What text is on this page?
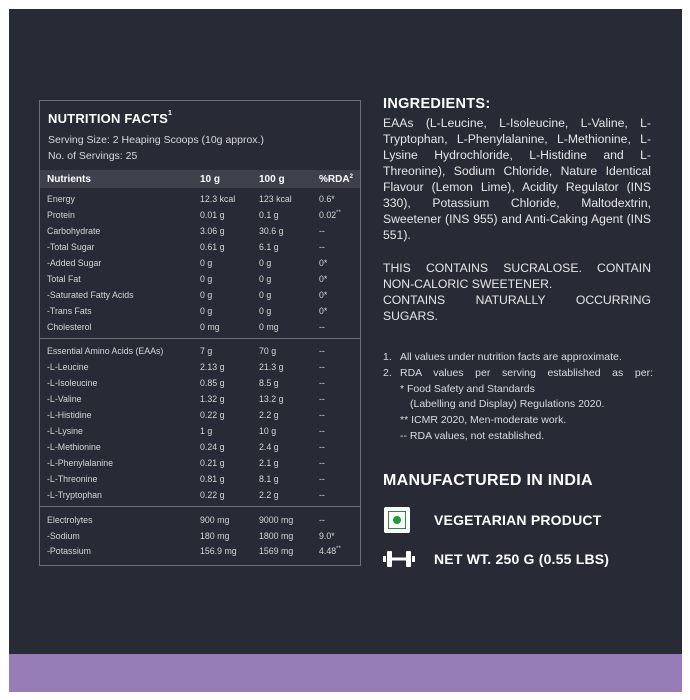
NUTRITION FACTS$^1$
Serving Size: 2 Heaping Scoops (10g approx.)
No. of Servings: 25
Nutrients	10 g	100 g	%RDA$^2$
Energy	12.3 kcal	123 kcal	0.6*
Protein	0.01 g	0.1 g	0.02**
Carbohydrate	3.06 g	30.6 g	--
-Total Sugar	0.61 g	6.1 g	--
-Added Sugar	0 g	0 g	0*
Total Fat	0 g	0 g	0*
-Saturated Fatty Acids	0 g	0 g	0*
-Trans Fats	0 g	0 g	0*
Cholesterol	0 mg	0 mg	--
Essential Amino Acids (EAAs)	7 g	70 g	--
-L-Leucine	2.13 g	21.3 g	--
-L-Isoleucine	0.85 g	8.5 g	--
-L-Valine	1.32 g	13.2 g	--
-L-Histidine	0.22 g	2.2 g	--
-L-Lysine	1 g	10 g	--
-L-Methionine	0.24 g	2.4 g	--
-L-Phenylalanine	0.21 g	2.1 g	--
-L-Threonine	0.81 g	8.1 g	--
-L-Tryptophan	0.22 g	2.2 g	--
Electrolytes	900 mg	9000 mg	--
-Sodium	180 mg	1800 mg	9.0*
-Potassium	156.9 mg	1569 mg	4.48**
INGREDIENTS:
EAAs (L-Leucine, L-Isoleucine, L-Valine, L-Tryptophan, L-Phenylalanine, L-Methionine, L-Lysine Hydrochloride, L-Histidine and L-Threonine), Sodium Chloride, Nature Identical Flavour (Lemon Lime), Acidity Regulator (INS 330), Potassium Chloride, Maltodextrin, Sweetener (INS 955) and Anti-Caking Agent (INS 551).

THIS CONTAINS SUCRALOSE. CONTAIN

NON-CALORIC SWEETENER.

CONTAINS NATURALLY OCCURRING

SUGARS.

1. All values under nutrition facts are approximate.
2. RDA values per serving established as per:
* Food Safety and Standards
(Labelling and Display) Regulations 2020.
** ICMR 2020, Men-moderate work.
-- RDA values, not established.
MANUFACTURED IN INDIA
VEGETARIAN PRODUCT
NET WT. 250 G (0.55 LBS)
